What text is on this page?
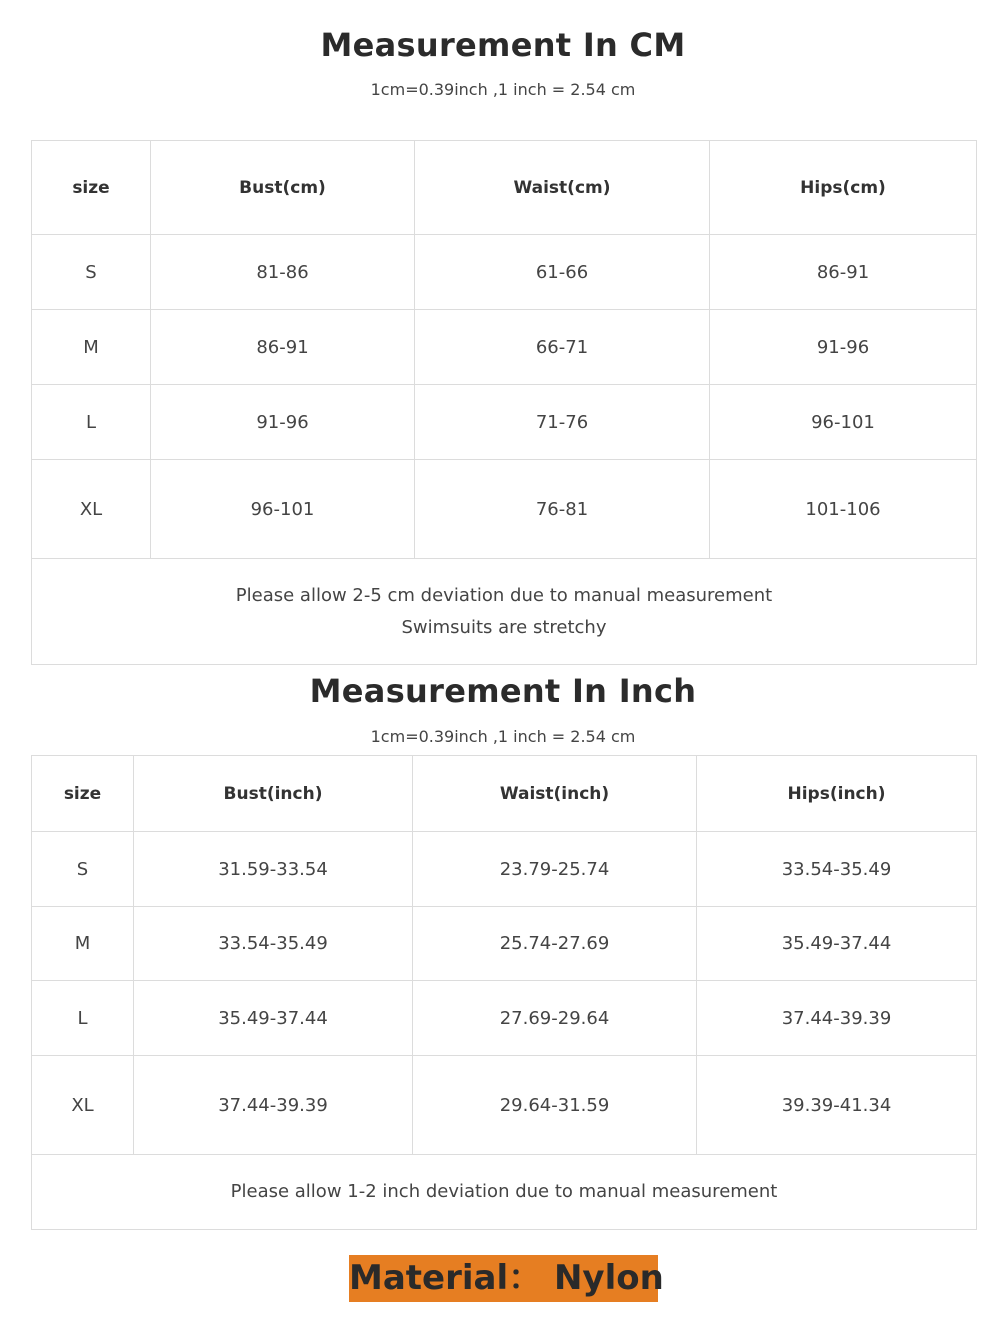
Measurement In CM
1cm=0.39inch ,1 inch = 2.54 cm
size	Bust(cm)	Waist(cm)	Hips(cm)
S	81-86	61-66	86-91
M	86-91	66-71	91-96
L	91-96	71-76	96-101
XL	96-101	76-81	101-106

Please allow 2-5 cm deviation due to manual measurement
Swimsuits are stretchy			
Measurement In Inch
1cm=0.39inch ,1 inch = 2.54 cm
size	Bust(inch)	Waist(inch)	Hips(inch)
S	31.59-33.54	23.79-25.74	33.54-35.49
M	33.54-35.49	25.74-27.69	35.49-37.44
L	35.49-37.44	27.69-29.64	37.44-39.39
XL	37.44-39.39	29.64-31.59	39.39-41.34

Please allow 1-2 inch deviation due to manual measurement			
Material： Nylon
